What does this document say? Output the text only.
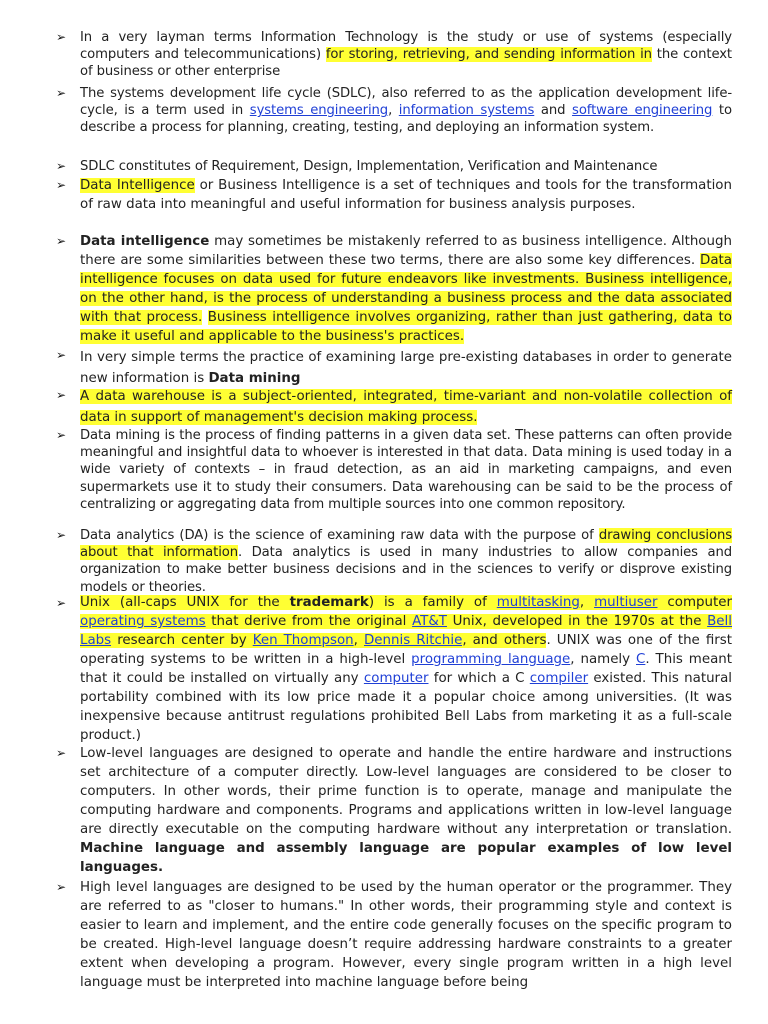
➢	In a very layman terms Information Technology is the study or use of systems (especially computers and telecommunications) for storing, retrieving, and sending information in the context of business or other enterprise

➢	The systems development life cycle (SDLC), also referred to as the application development life-cycle, is a term used in systems engineering, information systems and software engineering to describe a process for planning, creating, testing, and deploying an information system.

➢	SDLC constitutes of Requirement, Design, Implementation, Verification and Maintenance

➢	Data Intelligence or Business Intelligence is a set of techniques and tools for the transformation of raw data into meaningful and useful information for business analysis purposes.

➢	Data intelligence may sometimes be mistakenly referred to as business intelligence. Although there are some similarities between these two terms, there are also some key differences. Data intelligence focuses on data used for future endeavors like investments. Business intelligence, on the other hand, is the process of understanding a business process and the data associated with that process. Business intelligence involves organizing, rather than just gathering, data to make it useful and applicable to the business's practices.

➢	In very simple terms the practice of examining large pre-existing databases in order to generate new information is Data mining

➢	A data warehouse is a subject-oriented, integrated, time-variant and non-volatile collection of data in support of management's decision making process.

➢	Data mining is the process of finding patterns in a given data set. These patterns can often provide meaningful and insightful data to whoever is interested in that data. Data mining is used today in a wide variety of contexts – in fraud detection, as an aid in marketing campaigns, and even supermarkets use it to study their consumers. Data warehousing can be said to be the process of centralizing or aggregating data from multiple sources into one common repository.

➢	Data analytics (DA) is the science of examining raw data with the purpose of drawing conclusions about that information. Data analytics is used in many industries to allow companies and organization to make better business decisions and in the sciences to verify or disprove existing models or theories.

➢	Unix (all-caps UNIX for the trademark) is a family of multitasking, multiuser computer operating systems that derive from the original AT&T Unix, developed in the 1970s at the Bell Labs research center by Ken Thompson, Dennis Ritchie, and others. UNIX was one of the first operating systems to be written in a high-level programming language, namely C. This meant that it could be installed on virtually any computer for which a C compiler existed. This natural portability combined with its low price made it a popular choice among universities. (It was inexpensive because antitrust regulations prohibited Bell Labs from marketing it as a full-scale product.)

➢	Low-level languages are designed to operate and handle the entire hardware and instructions set architecture of a computer directly. Low-level languages are considered to be closer to computers. In other words, their prime function is to operate, manage and manipulate the computing hardware and components. Programs and applications written in low-level language are directly executable on the computing hardware without any interpretation or translation. Machine language and assembly language are popular examples of low level languages.

➢	High level languages are designed to be used by the human operator or the programmer. They are referred to as "closer to humans." In other words, their programming style and context is easier to learn and implement, and the entire code generally focuses on the specific program to be created. High-level language doesn’t require addressing hardware constraints to a greater extent when developing a program. However, every single program written in a high level language must be interpreted into machine language before being
